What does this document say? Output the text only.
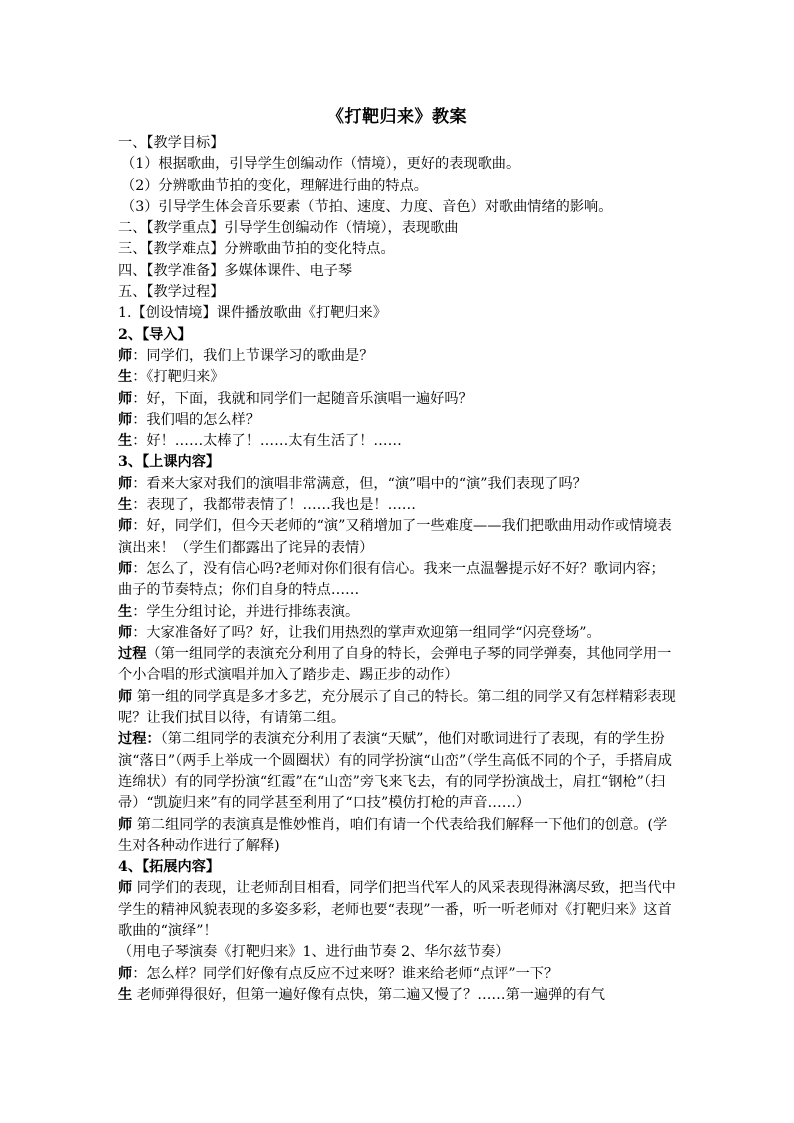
《打靶归来》教案

一、【教学目标】

（1）根据歌曲，引导学生创编动作（情境），更好的表现歌曲。

（2）分辨歌曲节拍的变化，理解进行曲的特点。

（3）引导学生体会音乐要素（节拍、速度、力度、音色）对歌曲情绪的影响。

二、【教学重点】引导学生创编动作（情境），表现歌曲

三、【教学难点】分辨歌曲节拍的变化特点。

四、【教学准备】多媒体课件、电子琴

五、【教学过程】

1.【创设情境】课件播放歌曲《打靶归来》

2、【导入】

师：同学们，我们上节课学习的歌曲是？

生：《打靶归来》

师：好，下面，我就和同学们一起随音乐演唱一遍好吗？

师：我们唱的怎么样？

生：好！……太棒了！……太有生活了！……

3、【上课内容】

师：看来大家对我们的演唱非常满意，但，“演”唱中的“演”我们表现了吗？

生：表现了，我都带表情了！……我也是！……

师：好，同学们，但今天老师的“演”又稍增加了一些难度——我们把歌曲用动作或情境表演出来！（学生们都露出了诧异的表情）

师：怎么了，没有信心吗?老师对你们很有信心。我来一点温馨提示好不好？歌词内容；曲子的节奏特点；你们自身的特点……

生：学生分组讨论，并进行排练表演。

师：大家准备好了吗？好，让我们用热烈的掌声欢迎第一组同学“闪亮登场”。

过程（第一组同学的表演充分利用了自身的特长，会弹电子琴的同学弹奏，其他同学用一个小合唱的形式演唱并加入了踏步走、踢正步的动作）

师 第一组的同学真是多才多艺，充分展示了自己的特长。第二组的同学又有怎样精彩表现呢？让我们拭目以待，有请第二组。

过程：（第二组同学的表演充分利用了表演“天赋”，他们对歌词进行了表现，有的学生扮演“落日”（两手上举成一个圆圈状）有的同学扮演“山峦”（学生高低不同的个子，手搭肩成连绵状）有的同学扮演“红霞”在“山峦”旁飞来飞去，有的同学扮演战士，肩扛“钢枪”（扫帚）“凯旋归来”有的同学甚至利用了“口技”模仿打枪的声音……）

师 第二组同学的表演真是惟妙惟肖，咱们有请一个代表给我们解释一下他们的创意。(学生对各种动作进行了解释)

4、【拓展内容】

师 同学们的表现，让老师刮目相看，同学们把当代军人的风采表现得淋漓尽致，把当代中学生的精神风貌表现的多姿多彩，老师也要“表现”一番，听一听老师对《打靶归来》这首歌曲的“演绎”！

（用电子琴演奏《打靶归来》1、进行曲节奏 2、华尔兹节奏）

师：怎么样？同学们好像有点反应不过来呀？谁来给老师“点评”一下？

生 老师弹得很好，但第一遍好像有点快，第二遍又慢了？……第一遍弹的有气
